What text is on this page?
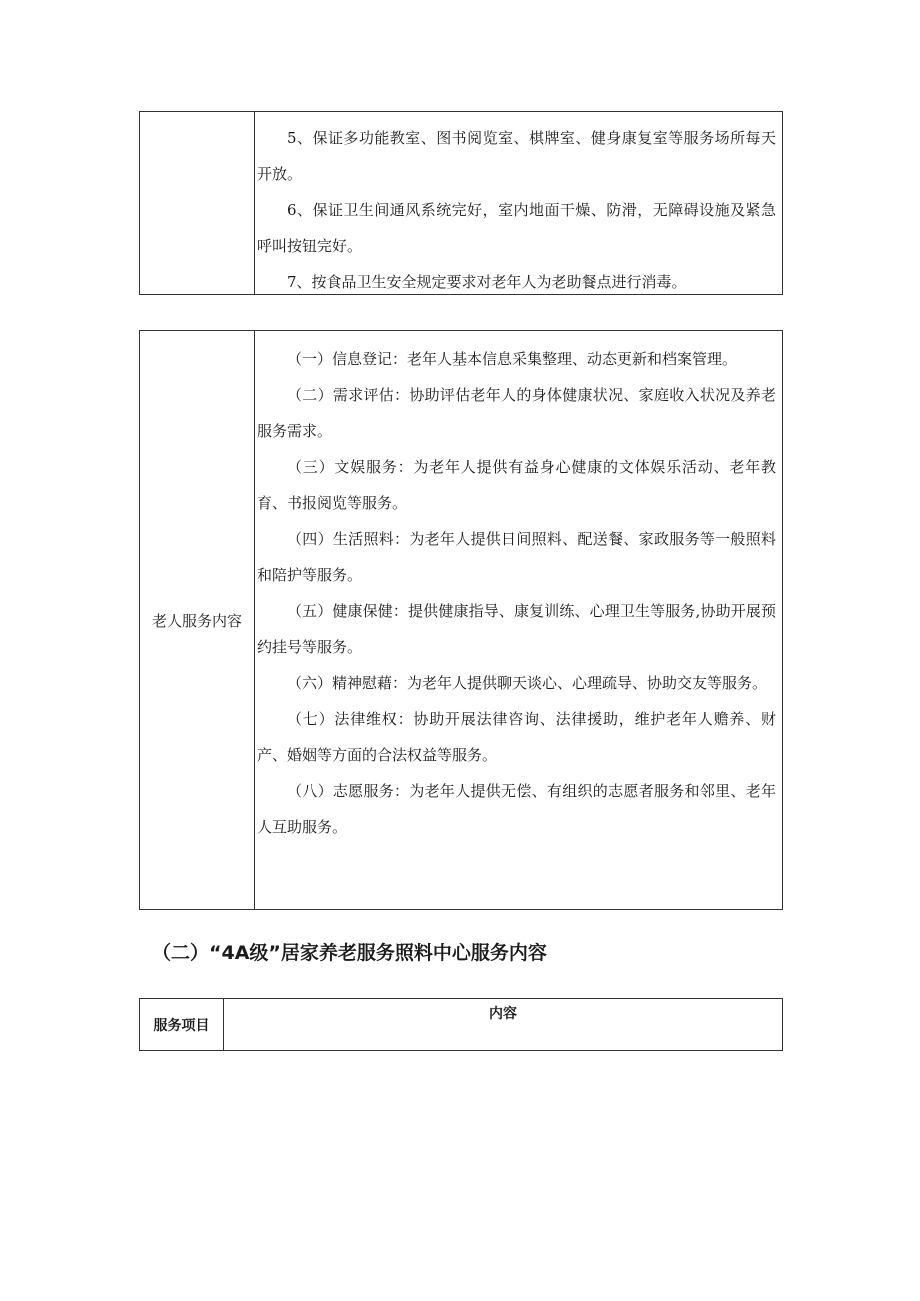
5、保证多功能教室、图书阅览室、棋牌室、健身康复室等服务场所每天开放。

6、保证卫生间通风系统完好，室内地面干燥、防滑，无障碍设施及紧急呼叫按钮完好。

7、按食品卫生安全规定要求对老年人为老助餐点进行消毒。

老人服务内容

（一）信息登记：老年人基本信息采集整理、动态更新和档案管理。

（二）需求评估：协助评估老年人的身体健康状况、家庭收入状况及养老服务需求。

（三）文娱服务：为老年人提供有益身心健康的文体娱乐活动、老年教育、书报阅览等服务。

（四）生活照料：为老年人提供日间照料、配送餐、家政服务等一般照料和陪护等服务。

（五）健康保健：提供健康指导、康复训练、心理卫生等服务,协助开展预约挂号等服务。

（六）精神慰藉：为老年人提供聊天谈心、心理疏导、协助交友等服务。

（七）法律维权：协助开展法律咨询、法律援助，维护老年人赡养、财产、婚姻等方面的合法权益等服务。

（八）志愿服务：为老年人提供无偿、有组织的志愿者服务和邻里、老年人互助服务。

（二）“4A级”居家养老服务照料中心服务内容
服务项目
内容
